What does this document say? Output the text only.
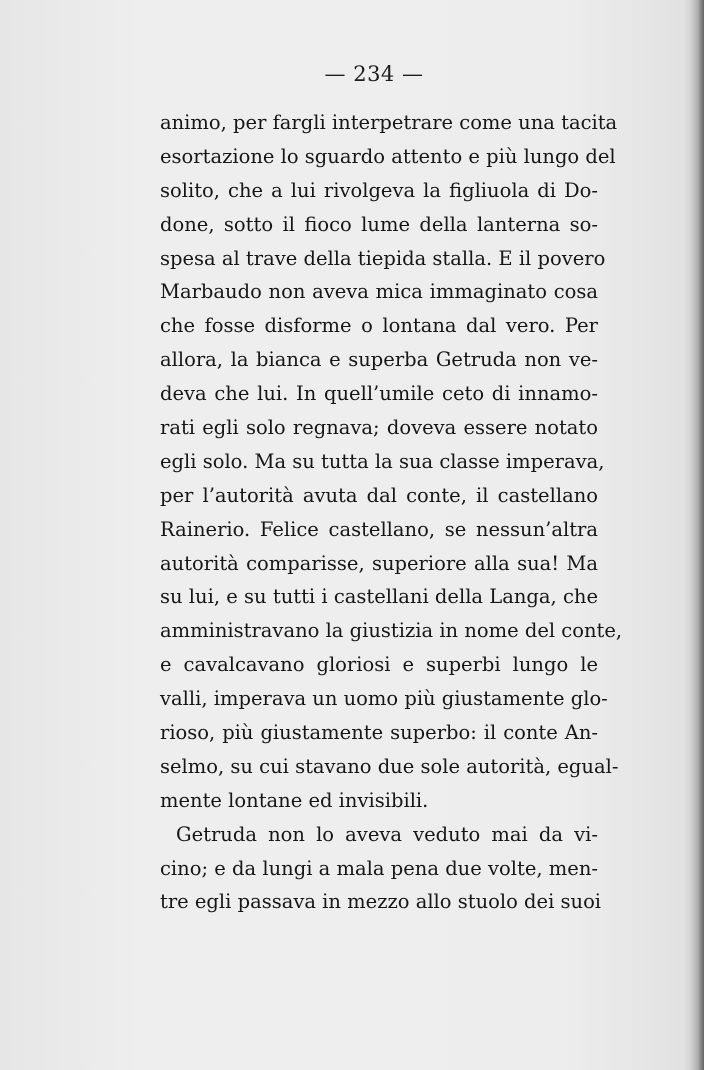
— 234 —
animo, per fargli interpetrare come una tacita
esortazione lo sguardo attento e più lungo del
solito, che a lui rivolgeva la figliuola di Do-
done, sotto il fioco lume della lanterna so-
spesa al trave della tiepida stalla. E il povero
Marbaudo non aveva mica immaginato cosa
che fosse disforme o lontana dal vero. Per
allora, la bianca e superba Getruda non ve-
deva che lui. In quell’umile ceto di innamo-
rati egli solo regnava; doveva essere notato
egli solo. Ma su tutta la sua classe imperava,
per l’autorità avuta dal conte, il castellano
Rainerio. Felice castellano, se nessun’altra
autorità comparisse, superiore alla sua! Ma
su lui, e su tutti i castellani della Langa, che
amministravano la giustizia in nome del conte,
e cavalcavano gloriosi e superbi lungo le
valli, imperava un uomo più giustamente glo-
rioso, più giustamente superbo: il conte An-
selmo, su cui stavano due sole autorità, egual-
mente lontane ed invisibili.
Getruda non lo aveva veduto mai da vi-
cino; e da lungi a mala pena due volte, men-
tre egli passava in mezzo allo stuolo dei suoi
